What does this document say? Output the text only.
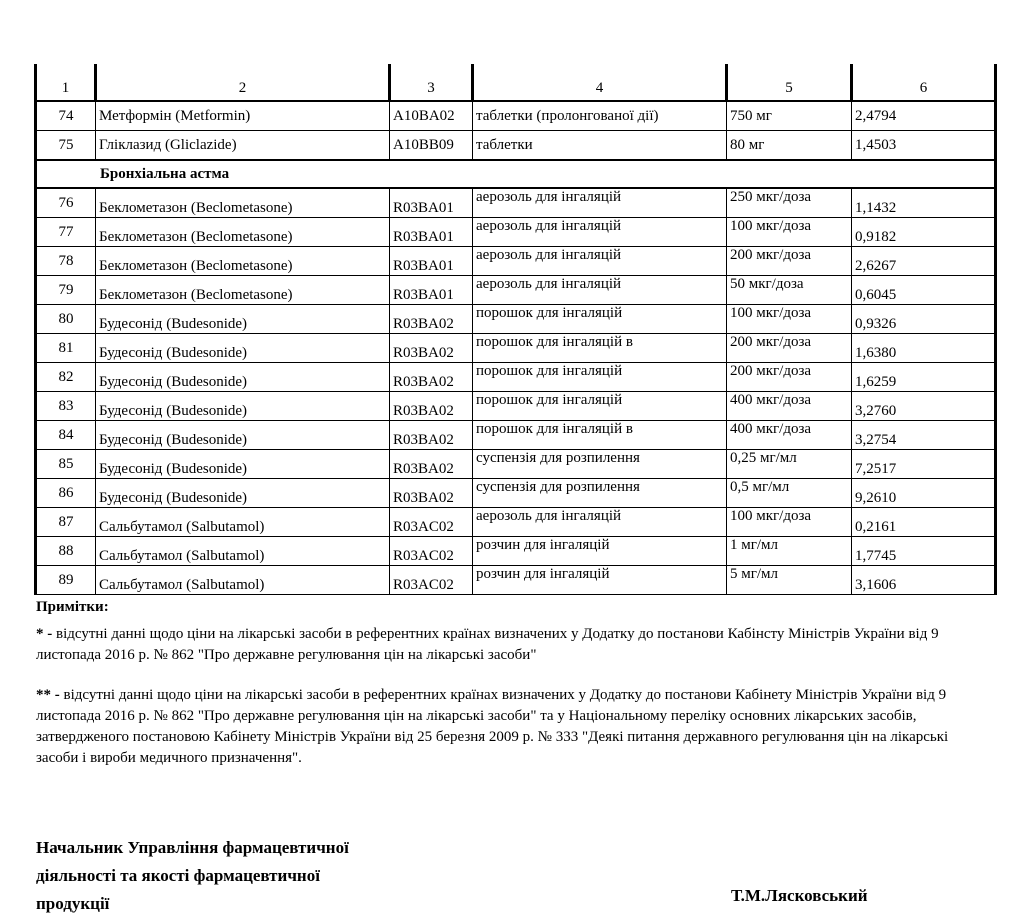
1	2	3	4	5	6
74	Метформін (Metformin)	A10BA02	таблетки (пролонгованої дії)	750 мг	2,4794
75	Гліклазид (Gliclazide)	A10BB09	таблетки	80 мг	1,4503
Бронхіальна астма					
76	Беклометазон (Beclometasone)	R03BA01	аерозоль для інгаляцій	250 мкг/доза	1,1432
77	Беклометазон (Beclometasone)	R03BA01	аерозоль для інгаляцій	100 мкг/доза	0,9182
78	Беклометазон (Beclometasone)	R03BA01	аерозоль для інгаляцій	200 мкг/доза	2,6267
79	Беклометазон (Beclometasone)	R03BA01	аерозоль для інгаляцій	50 мкг/доза	0,6045
80	Будесонід (Budesonide)	R03BA02	порошок для інгаляцій	100 мкг/доза	0,9326
81	Будесонід (Budesonide)	R03BA02	порошок для інгаляцій в	200 мкг/доза	1,6380
82	Будесонід (Budesonide)	R03BA02	порошок для інгаляцій	200 мкг/доза	1,6259
83	Будесонід (Budesonide)	R03BA02	порошок для інгаляцій	400 мкг/доза	3,2760
84	Будесонід (Budesonide)	R03BA02	порошок для інгаляцій в	400 мкг/доза	3,2754
85	Будесонід (Budesonide)	R03BA02	суспензія для розпилення	0,25 мг/мл	7,2517
86	Будесонід (Budesonide)	R03BA02	суспензія для розпилення	0,5 мг/мл	9,2610
87	Сальбутамол (Salbutamol)	R03AC02	аерозоль для інгаляцій	100 мкг/доза	0,2161
88	Сальбутамол (Salbutamol)	R03AC02	розчин для інгаляцій	1 мг/мл	1,7745
89	Сальбутамол (Salbutamol)	R03AC02	розчин для інгаляцій	5 мг/мл	3,1606
Примітки:

* - відсутні данні щодо ціни на лікарські засоби в референтних країнах визначених у Додатку до постанови Кабінсту Міністрів України від 9 листопада 2016 р. № 862 "Про державне регулювання цін на лікарські засоби"

** - відсутні данні щодо ціни на лікарські засоби в референтних країнах визначених у Додатку до постанови Кабінету Міністрів України від 9 листопада 2016 р. № 862 "Про державне регулювання цін на лікарські засоби" та у Національному переліку основних лікарських засобів, затвердженого постановою Кабінету Міністрів України від 25 березня 2009 р. № 333 "Деякі питання державного регулювання цін на лікарські засоби і вироби медичного призначення".

Начальник Управління фармацевтичної
діяльності та якості фармацевтичної
продукції	Т.М.Лясковський
